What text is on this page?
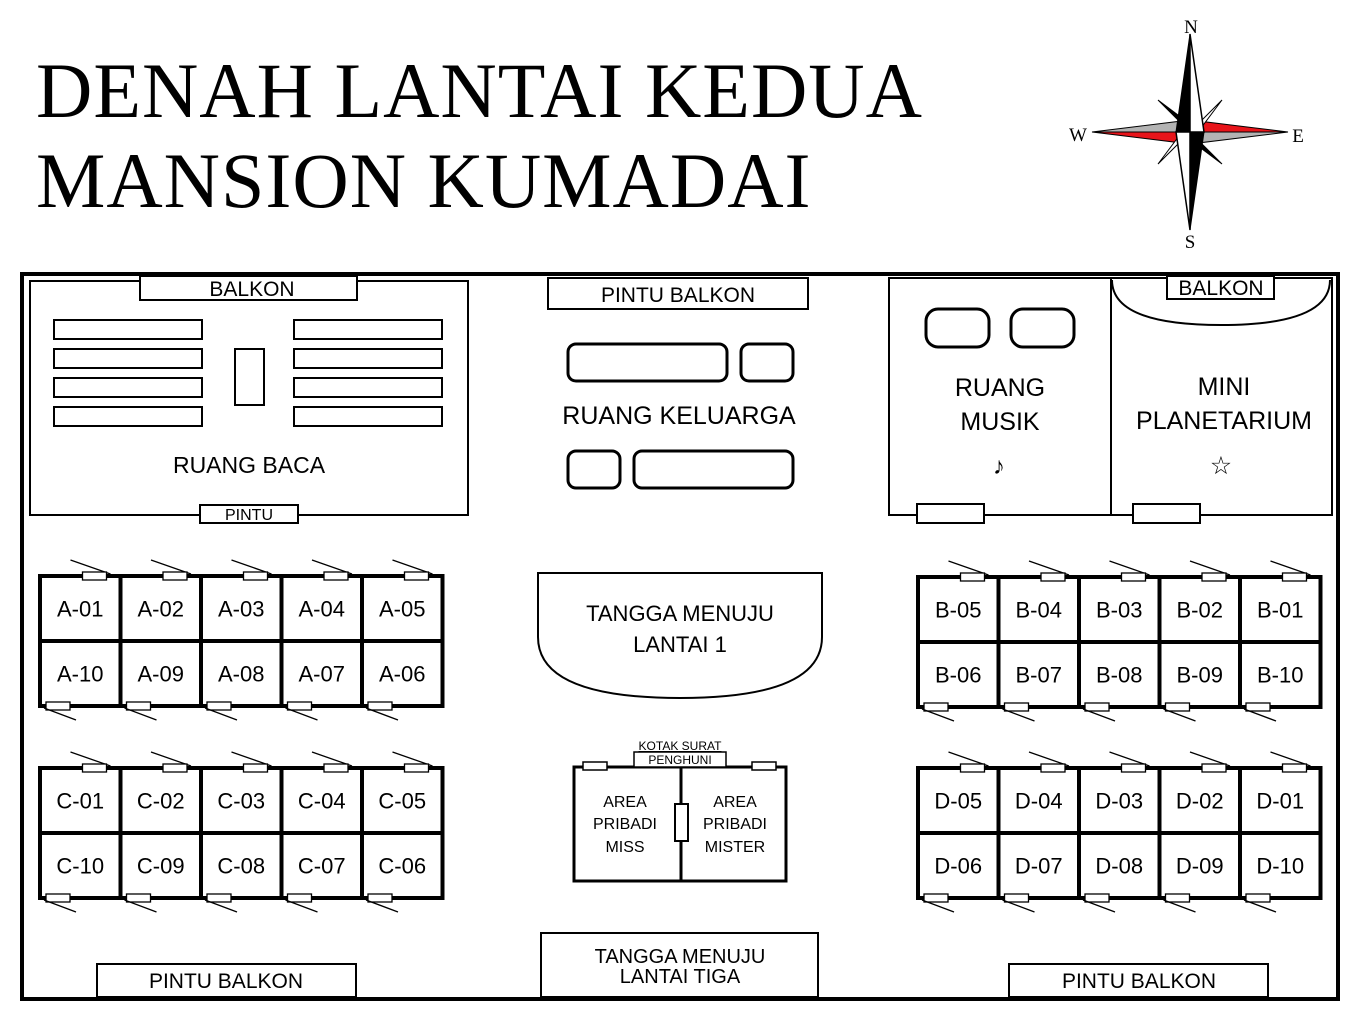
DENAH LANTAI KEDUA
MANSION KUMADAI
N
S
W	E
BALKON
RUANG BACA
PINTU
PINTU BALKON
RUANG KELUARGA
RUANG
MUSIK
♪
BALKON
MINI
PLANETARIUM
☆
TANGGA MENUJU
LANTAI 1
KOTAK SURAT
PENGHUNI
AREA
PRIBADI
MISS
AREA
PRIBADI
MISTER
TANGGA MENUJU
LANTAI TIGA
PINTU BALKON	PINTU BALKON
A-01 A-02 A-03 A-04 A-05
A-10 A-09 A-08 A-07 A-06
B-05 B-04 B-03 B-02 B-01
B-06 B-07 B-08 B-09 B-10
C-01 C-02 C-03 C-04 C-05
C-10 C-09 C-08 C-07 C-06
D-05 D-04 D-03 D-02 D-01
D-06 D-07 D-08 D-09 D-10
